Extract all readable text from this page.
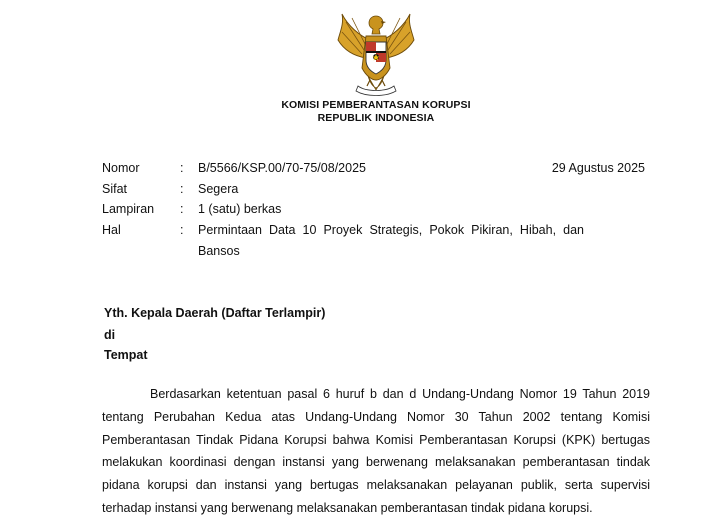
KOMISI PEMBERANTASAN KORUPSI
REPUBLIK INDONESIA
29 Agustus 2025
Nomor	: B/5566/KSP.00/70-75/08/2025
Sifat	: Segera
Lampiran	: 1 (satu) berkas
Hal	: Permintaan Data 10 Proyek Strategis, Pokok Pikiran, Hibah, dan
Bansos
Yth. Kepala Daerah (Daftar Terlampir)
di
Tempat

Berdasarkan ketentuan pasal 6 huruf b dan d Undang-Undang Nomor 19 Tahun 2019 tentang Perubahan Kedua atas Undang-Undang Nomor 30 Tahun 2002 tentang Komisi Pemberantasan Tindak Pidana Korupsi bahwa Komisi Pemberantasan Korupsi (KPK) bertugas melakukan koordinasi dengan instansi yang berwenang melaksanakan pemberantasan tindak pidana korupsi dan instansi yang bertugas melaksanakan pelayanan publik, serta supervisi terhadap instansi yang berwenang melaksanakan pemberantasan tindak pidana korupsi.
